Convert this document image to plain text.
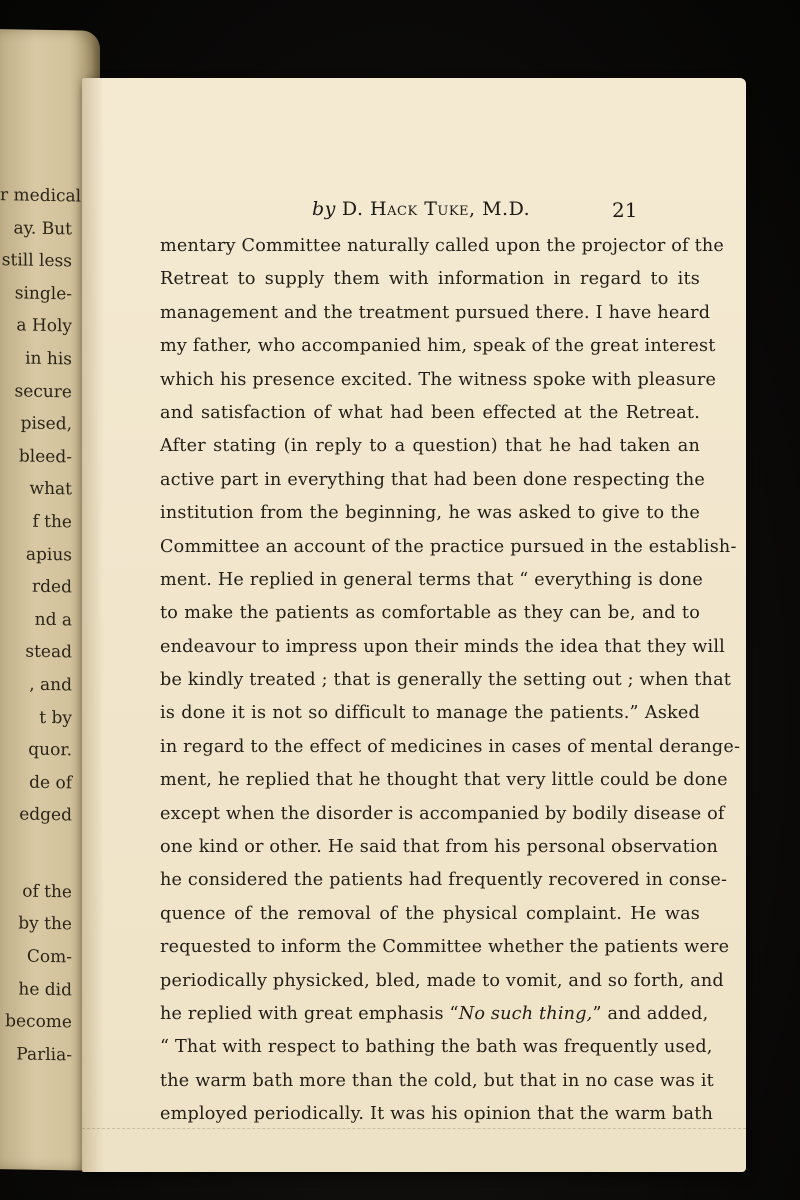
r medical
ay. But
still less
single-
a Holy
in his
secure
pised,
bleed-
what
f the
apius
rded
nd a
stead
, and
t by
quor.
de of
edged
of the
by the
Com-
he did
become
Parlia-
by D. Hack Tuke, M.D.	21
mentary Committee naturally called upon the projector of the
Retreat to supply them with information in regard to its
management and the treatment pursued there. I have heard
my father, who accompanied him, speak of the great interest
which his presence excited. The witness spoke with pleasure
and satisfaction of what had been effected at the Retreat.
After stating (in reply to a question) that he had taken an
active part in everything that had been done respecting the
institution from the beginning, he was asked to give to the
Committee an account of the practice pursued in the establish-
ment. He replied in general terms that “ everything is done
to make the patients as comfortable as they can be, and to
endeavour to impress upon their minds the idea that they will
be kindly treated ; that is generally the setting out ; when that
is done it is not so difficult to manage the patients.” Asked
in regard to the effect of medicines in cases of mental derange-
ment, he replied that he thought that very little could be done
except when the disorder is accompanied by bodily disease of
one kind or other. He said that from his personal observation
he considered the patients had frequently recovered in conse-
quence of the removal of the physical complaint. He was
requested to inform the Committee whether the patients were
periodically physicked, bled, made to vomit, and so forth, and
he replied with great emphasis “No such thing,” and added,
“ That with respect to bathing the bath was frequently used,
the warm bath more than the cold, but that in no case was it
employed periodically. It was his opinion that the warm bath
